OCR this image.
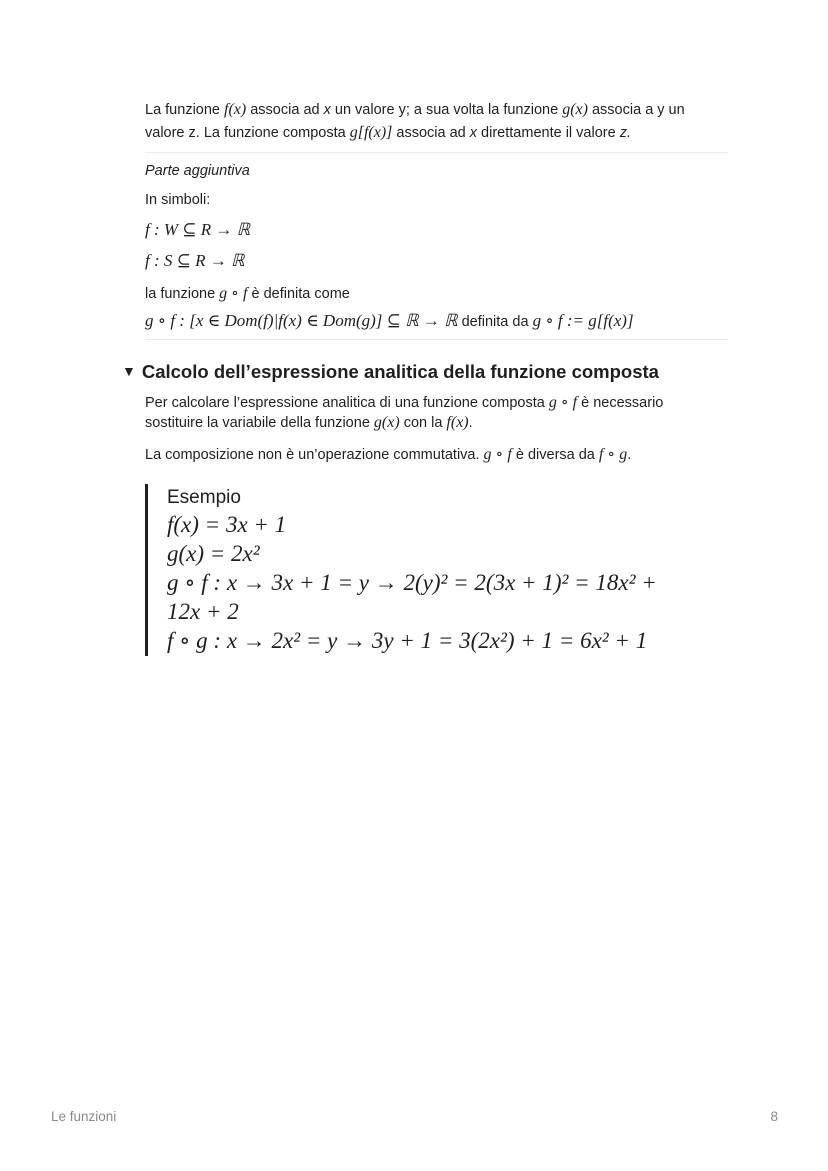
La funzione f(x) associa ad x un valore y; a sua volta la funzione g(x) associa a y un
valore z. La funzione composta g[f(x)] associa ad x direttamente il valore z.
Parte aggiuntiva
In simboli:
f : W ⊆ R → ℝ
f : S ⊆ R → ℝ
la funzione g ∘ f è definita come
g ∘ f : [x ∈ Dom(f)|f(x) ∈ Dom(g)] ⊆ ℝ → ℝ definita da g ∘ f := g[f(x)]
▼ Calcolo dell’espressione analitica della funzione composta
Per calcolare l’espressione analitica di una funzione composta g ∘ f è necessario
sostituire la variabile della funzione g(x) con la f(x).
La composizione non è un’operazione commutativa. g ∘ f è diversa da f ∘ g.
Esempio
f(x) = 3x + 1
g(x) = 2x²
g ∘ f : x → 3x + 1 = y → 2(y)² = 2(3x + 1)² = 18x² +
12x + 2
f ∘ g : x → 2x² = y → 3y + 1 = 3(2x²) + 1 = 6x² + 1
Le funzioni	8
